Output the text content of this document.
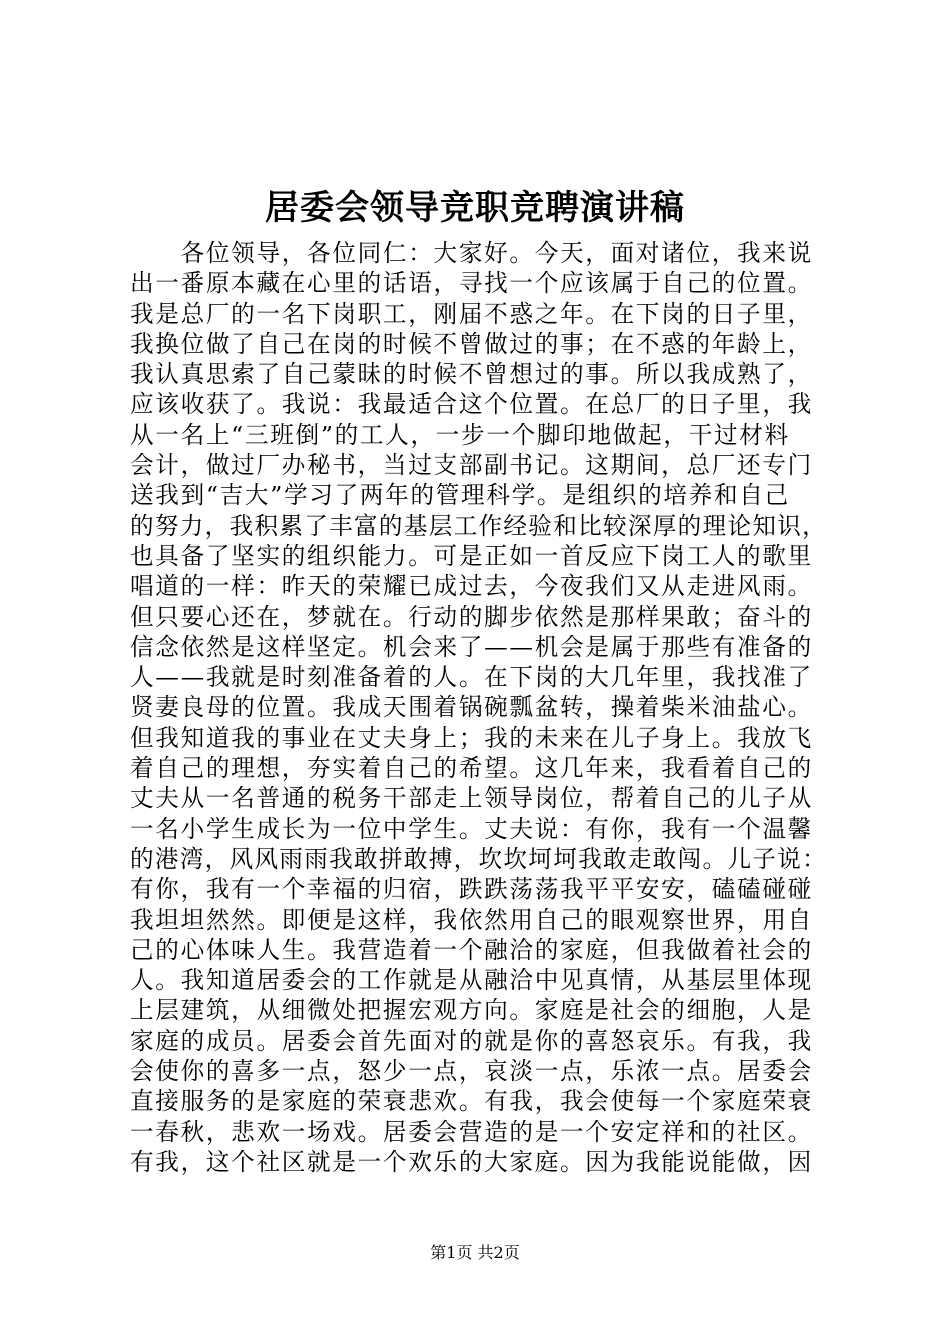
居委会领导竞职竞聘演讲稿
　　各位领导，各位同仁：大家好。今天，面对诸位，我来说
出一番原本藏在心里的话语，寻找一个应该属于自己的位置。
我是总厂的一名下岗职工，刚届不惑之年。在下岗的日子里，
我换位做了自己在岗的时候不曾做过的事；在不惑的年龄上，
我认真思索了自己蒙昧的时候不曾想过的事。所以我成熟了，
应该收获了。我说：我最适合这个位置。在总厂的日子里，我
从一名上“三班倒”的工人，一步一个脚印地做起，干过材料
会计，做过厂办秘书，当过支部副书记。这期间，总厂还专门
送我到“吉大”学习了两年的管理科学。是组织的培养和自己
的努力，我积累了丰富的基层工作经验和比较深厚的理论知识，
也具备了坚实的组织能力。可是正如一首反应下岗工人的歌里
唱道的一样：昨天的荣耀已成过去，今夜我们又从走进风雨。
但只要心还在，梦就在。行动的脚步依然是那样果敢；奋斗的
信念依然是这样坚定。机会来了——机会是属于那些有准备的
人——我就是时刻准备着的人。在下岗的大几年里，我找准了
贤妻良母的位置。我成天围着锅碗瓢盆转，操着柴米油盐心。
但我知道我的事业在丈夫身上；我的未来在儿子身上。我放飞
着自己的理想，夯实着自己的希望。这几年来，我看着自己的
丈夫从一名普通的税务干部走上领导岗位，帮着自己的儿子从
一名小学生成长为一位中学生。丈夫说：有你，我有一个温馨
的港湾，风风雨雨我敢拼敢搏，坎坎坷坷我敢走敢闯。儿子说：
有你，我有一个幸福的归宿，跌跌荡荡我平平安安，磕磕碰碰
我坦坦然然。即便是这样，我依然用自己的眼观察世界，用自
己的心体味人生。我营造着一个融洽的家庭，但我做着社会的
人。我知道居委会的工作就是从融洽中见真情，从基层里体现
上层建筑，从细微处把握宏观方向。家庭是社会的细胞，人是
家庭的成员。居委会首先面对的就是你的喜怒哀乐。有我，我
会使你的喜多一点，怒少一点，哀淡一点，乐浓一点。居委会
直接服务的是家庭的荣衰悲欢。有我，我会使每一个家庭荣衰
一春秋，悲欢一场戏。居委会营造的是一个安定祥和的社区。
有我，这个社区就是一个欢乐的大家庭。因为我能说能做，因
第1页 共2页
